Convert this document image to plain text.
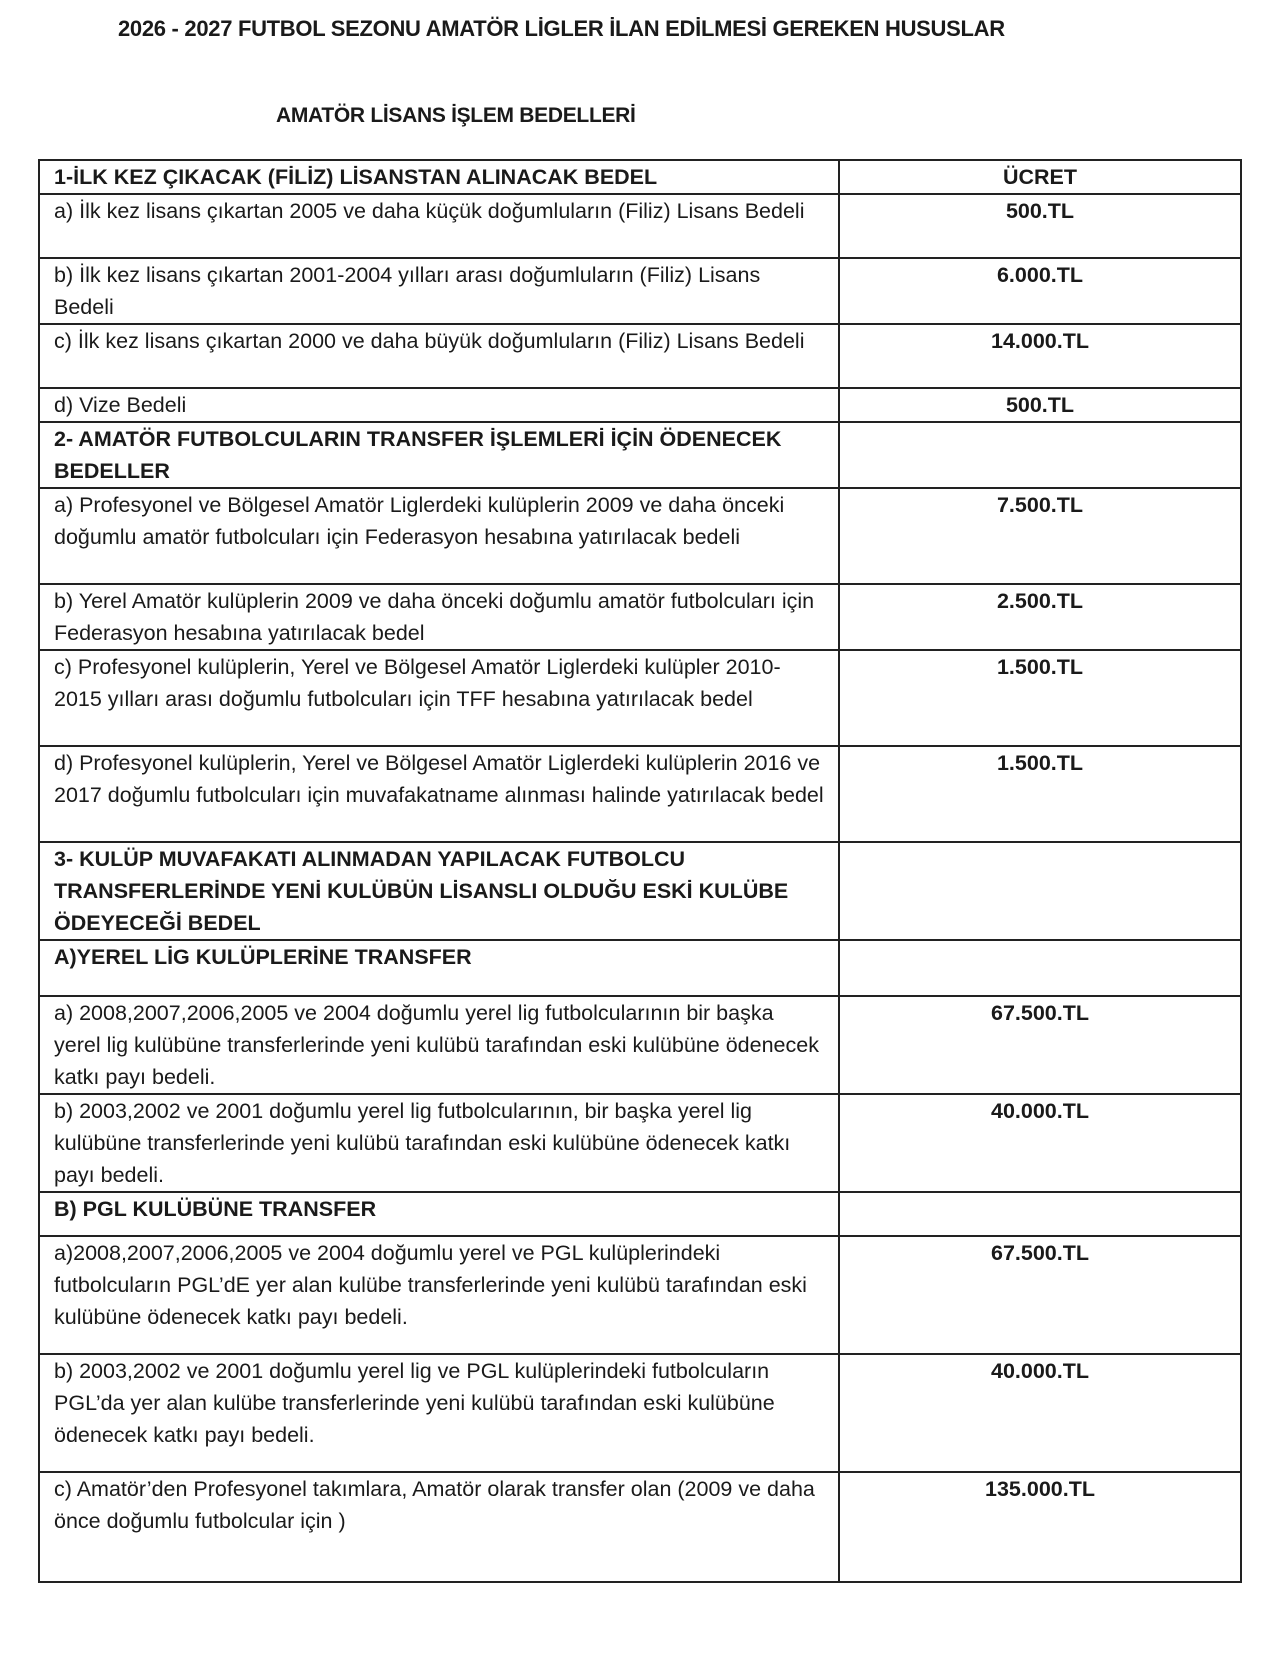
2026 - 2027 FUTBOL SEZONU AMATÖR LİGLER İLAN EDİLMESİ GEREKEN HUSUSLAR
AMATÖR LİSANS İŞLEM BEDELLERİ
1-İLK KEZ ÇIKACAK (FİLİZ) LİSANSTAN ALINACAK BEDEL	ÜCRET
a) İlk kez lisans çıkartan 2005 ve daha küçük doğumluların (Filiz) Lisans Bedeli	500.TL
b) İlk kez lisans çıkartan 2001-2004 yılları arası doğumluların (Filiz) Lisans Bedeli	6.000.TL
c) İlk kez lisans çıkartan 2000 ve daha büyük doğumluların (Filiz) Lisans Bedeli	14.000.TL
d) Vize Bedeli	500.TL
2- AMATÖR FUTBOLCULARIN TRANSFER İŞLEMLERİ İÇİN ÖDENECEK BEDELLER	
a) Profesyonel ve Bölgesel Amatör Liglerdeki kulüplerin 2009 ve daha önceki doğumlu amatör futbolcuları için Federasyon hesabına yatırılacak bedeli	7.500.TL
b) Yerel Amatör kulüplerin 2009 ve daha önceki doğumlu amatör futbolcuları için Federasyon hesabına yatırılacak bedel	2.500.TL
c) Profesyonel kulüplerin, Yerel ve Bölgesel Amatör Liglerdeki kulüpler 2010-2015 yılları arası doğumlu futbolcuları için TFF hesabına yatırılacak bedel	1.500.TL
d) Profesyonel kulüplerin, Yerel ve Bölgesel Amatör Liglerdeki kulüplerin 2016 ve 2017 doğumlu futbolcuları için muvafakatname alınması halinde yatırılacak bedel	1.500.TL
3- KULÜP MUVAFAKATI ALINMADAN YAPILACAK FUTBOLCU TRANSFERLERİNDE YENİ KULÜBÜN LİSANSLI OLDUĞU ESKİ KULÜBE ÖDEYECEĞİ BEDEL	
A)YEREL LİG KULÜPLERİNE TRANSFER	
a) 2008,2007,2006,2005 ve 2004 doğumlu yerel lig futbolcularının bir başka yerel lig kulübüne transferlerinde yeni kulübü tarafından eski kulübüne ödenecek katkı payı bedeli.	67.500.TL
b) 2003,2002 ve 2001 doğumlu yerel lig futbolcularının, bir başka yerel lig kulübüne transferlerinde yeni kulübü tarafından eski kulübüne ödenecek katkı payı bedeli.	40.000.TL
B) PGL KULÜBÜNE TRANSFER	
a)2008,2007,2006,2005 ve 2004 doğumlu yerel ve PGL kulüplerindeki futbolcuların PGL’dE yer alan kulübe transferlerinde yeni kulübü tarafından eski kulübüne ödenecek katkı payı bedeli.	67.500.TL
b) 2003,2002 ve 2001 doğumlu yerel lig ve PGL kulüplerindeki futbolcuların PGL’da yer alan kulübe transferlerinde yeni kulübü tarafından eski kulübüne ödenecek katkı payı bedeli.	40.000.TL
c) Amatör’den Profesyonel takımlara, Amatör olarak transfer olan (2009 ve daha önce doğumlu futbolcular için )	135.000.TL
